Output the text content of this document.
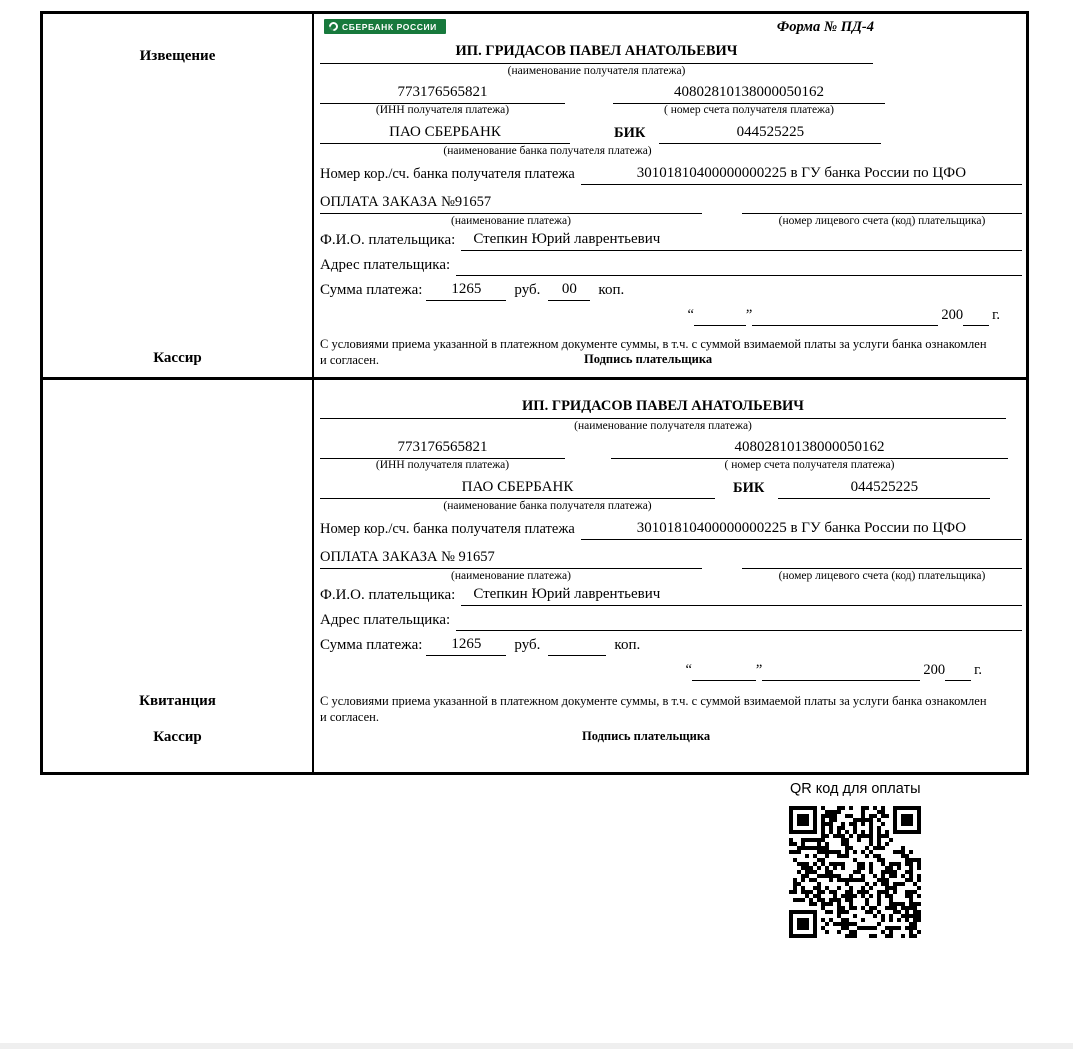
Извещение
Кассир
СБЕРБАНК РОССИИ	Форма № ПД-4
ИП. ГРИДАСОВ ПАВЕЛ АНАТОЛЬЕВИЧ
(наименование получателя платежа)
773176565821	40802810138000050162
(ИНН получателя платежа)	( номер счета получателя платежа)
ПАО СБЕРБАНК	БИК	044525225
(наименование банка получателя платежа)
Номер кор./сч. банка получателя платежа	30101810400000000225 в ГУ банка России по ЦФО
ОПЛАТА ЗАКАЗА №91657
(наименование платежа)	(номер лицевого счета (код) плательщика)
Ф.И.О. плательщика:	Степкин Юрий лаврентьевич
Адрес плательщика:
Сумма платежа:	1265	руб.	00	коп.
“	”	200 г.
С условиями приема указанной в платежном документе суммы, в т.ч. с суммой взимаемой платы за услуги банка ознакомлен и согласен.	Подпись плательщика
Квитанция
Кассир
ИП. ГРИДАСОВ ПАВЕЛ АНАТОЛЬЕВИЧ
(наименование получателя платежа)
773176565821	40802810138000050162
(ИНН получателя платежа)	( номер счета получателя платежа)
ПАО СБЕРБАНК	БИК	044525225
(наименование банка получателя платежа)
Номер кор./сч. банка получателя платежа	30101810400000000225 в ГУ банка России по ЦФО
ОПЛАТА ЗАКАЗА № 91657
(наименование платежа)	(номер лицевого счета (код) плательщика)
Ф.И.О. плательщика:	Степкин Юрий лаврентьевич
Адрес плательщика:
Сумма платежа:	1265	руб.	коп.
“	”	200 г.
С условиями приема указанной в платежном документе суммы, в т.ч. с суммой взимаемой платы за услуги банка ознакомлен и согласен.
Подпись плательщика
QR код для оплаты
